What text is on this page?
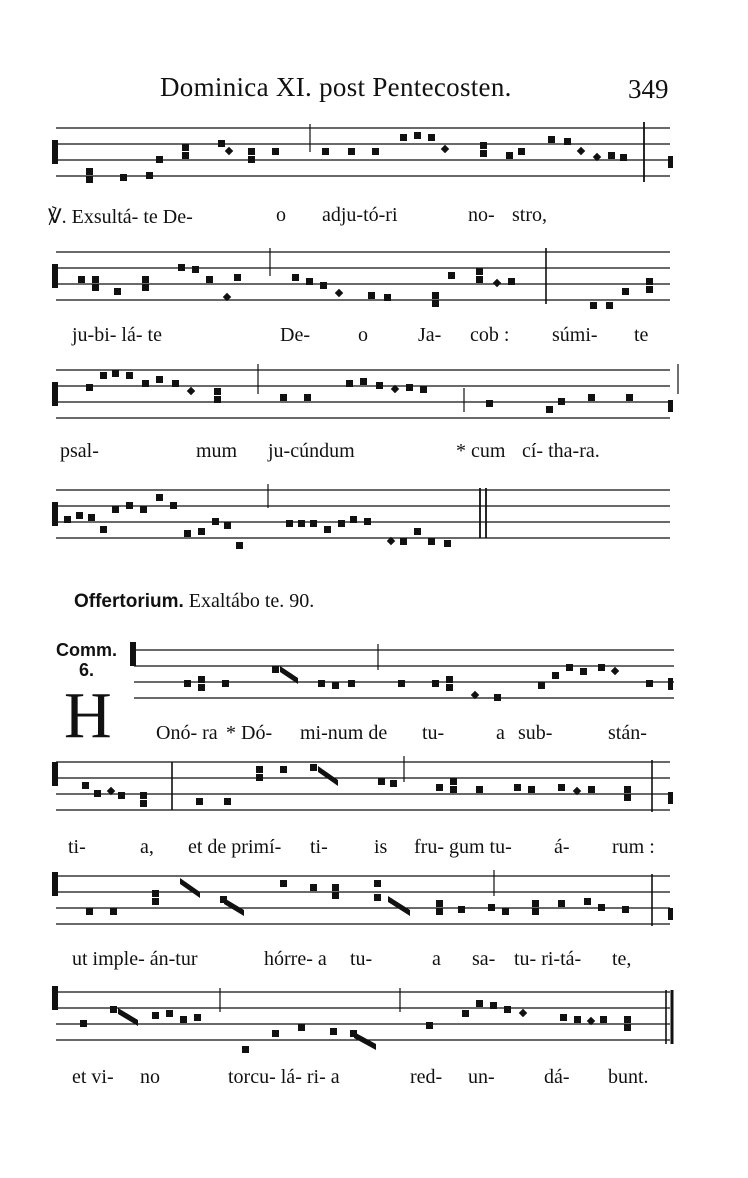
Dominica XI. post Pentecosten.	349
℣. Exsultá- te De-	o adju-tó-ri	no- stro,
ju-bi- lá- te	De- o	Ja- cob : súmi- te
psal-	mum ju-cúndum	* cum cí- tha-ra.
Offertorium. Exaltábo te. 90.
Comm.
6.
H Onó- ra * Dó- mi-num de tu-	a sub-	stán-
ti-	a, et de primí- ti- is fru- gum tu- á- rum :
ut imple- án-tur	hórre- a tu-	a sa- tu- ri-tá- te,
et vi- no	torcu- lá- ri- a	red- un- dá- bunt.
